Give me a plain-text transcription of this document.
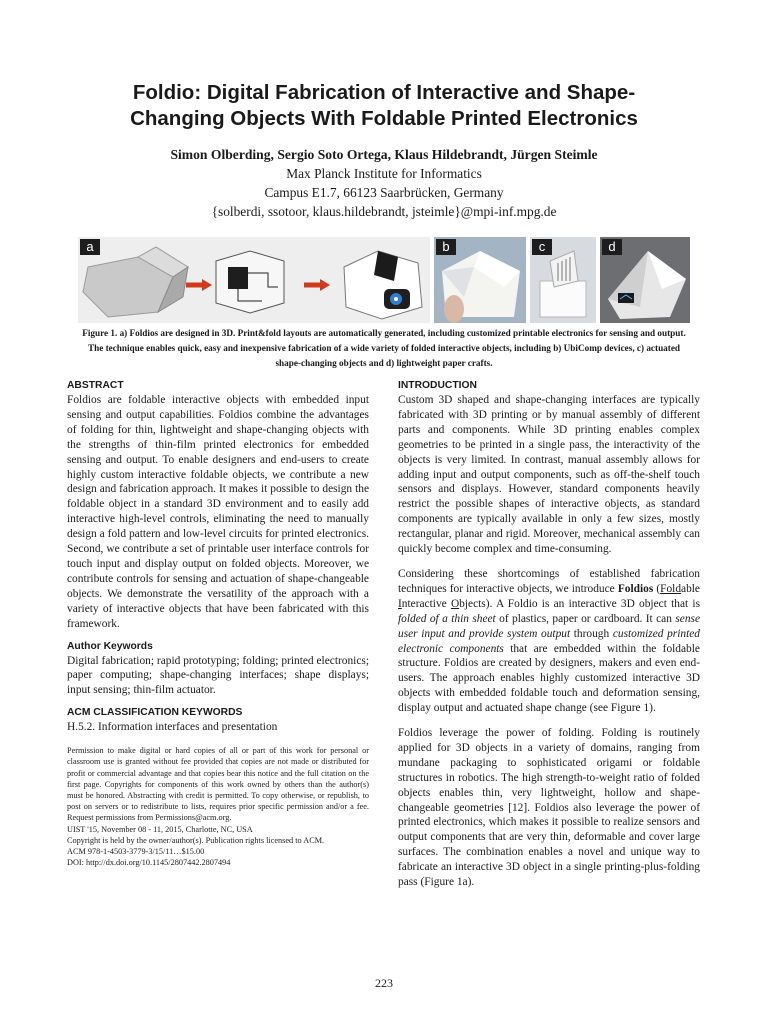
Foldio: Digital Fabrication of Interactive and Shape-
Changing Objects With Foldable Printed Electronics
Simon Olberding, Sergio Soto Ortega, Klaus Hildebrandt, Jürgen Steimle
Max Planck Institute for Informatics
Campus E1.7, 66123 Saarbrücken, Germany
{solberdi, ssotoor, klaus.hildebrandt, jsteimle}@mpi-inf.mpg.de
a	b	c	d
Figure 1. a) Foldios are designed in 3D. Print&fold layouts are automatically generated, including customized printable electronics for sensing and output. The technique enables quick, easy and inexpensive fabrication of a wide variety of folded interactive objects, including b) UbiComp devices, c) actuated shape-changing objects and d) lightweight paper crafts.
ABSTRACT

Foldios are foldable interactive objects with embedded input sensing and output capabilities. Foldios combine the advantages of folding for thin, lightweight and shape-changing objects with the strengths of thin-film printed electronics for embedded sensing and output. To enable designers and end-users to create highly custom interactive foldable objects, we contribute a new design and fabrication approach. It makes it possible to design the foldable object in a standard 3D environment and to easily add interactive high-level controls, eliminating the need to manually design a fold pattern and low-level circuits for printed electronics. Second, we contribute a set of printable user interface controls for touch input and display output on folded objects. Moreover, we contribute controls for sensing and actuation of shape-changeable objects. We demonstrate the versatility of the approach with a variety of interactive objects that have been fabricated with this framework.

Author Keywords

Digital fabrication; rapid prototyping; folding; printed electronics; paper computing; shape-changing interfaces; shape displays; input sensing; thin-film actuator.

ACM CLASSIFICATION KEYWORDS

H.5.2. Information interfaces and presentation

Permission to make digital or hard copies of all or part of this work for personal or classroom use is granted without fee provided that copies are not made or distributed for profit or commercial advantage and that copies bear this notice and the full citation on the first page. Copyrights for components of this work owned by others than the author(s) must be honored. Abstracting with credit is permitted. To copy otherwise, or republish, to post on servers or to redistribute to lists, requires prior specific permission and/or a fee. Request permissions from Permissions@acm.org.

UIST '15, November 08 - 11, 2015, Charlotte, NC, USA

Copyright is held by the owner/author(s). Publication rights licensed to ACM.

ACM 978-1-4503-3779-3/15/11…$15.00

DOI: http://dx.doi.org/10.1145/2807442.2807494

INTRODUCTION

Custom 3D shaped and shape-changing interfaces are typically fabricated with 3D printing or by manual assembly of different parts and components. While 3D printing enables complex geometries to be printed in a single pass, the interactivity of the objects is very limited. In contrast, manual assembly allows for adding input and output components, such as off-the-shelf touch sensors and displays. However, standard components heavily restrict the possible shapes of interactive objects, as standard components are typically available in only a few sizes, mostly rectangular, planar and rigid. Moreover, mechanical assembly can quickly become complex and time-consuming.

Considering these shortcomings of established fabrication techniques for interactive objects, we introduce Foldios (Foldable Interactive Objects). A Foldio is an interactive 3D object that is folded of a thin sheet of plastics, paper or cardboard. It can sense user input and provide system output through customized printed electronic components that are embedded within the foldable structure. Foldios are created by designers, makers and even end-users. The approach enables highly customized interactive 3D objects with embedded foldable touch and deformation sensing, display output and actuated shape change (see Figure 1).

Foldios leverage the power of folding. Folding is routinely applied for 3D objects in a variety of domains, ranging from mundane packaging to sophisticated origami or foldable structures in robotics. The high strength-to-weight ratio of folded objects enables thin, very lightweight, hollow and shape-changeable geometries [12]. Foldios also leverage the power of printed electronics, which makes it possible to realize sensors and output components that are very thin, deformable and cover large surfaces. The combination enables a novel and unique way to fabricate an interactive 3D object in a single printing-plus-folding pass (Figure 1a).

223
